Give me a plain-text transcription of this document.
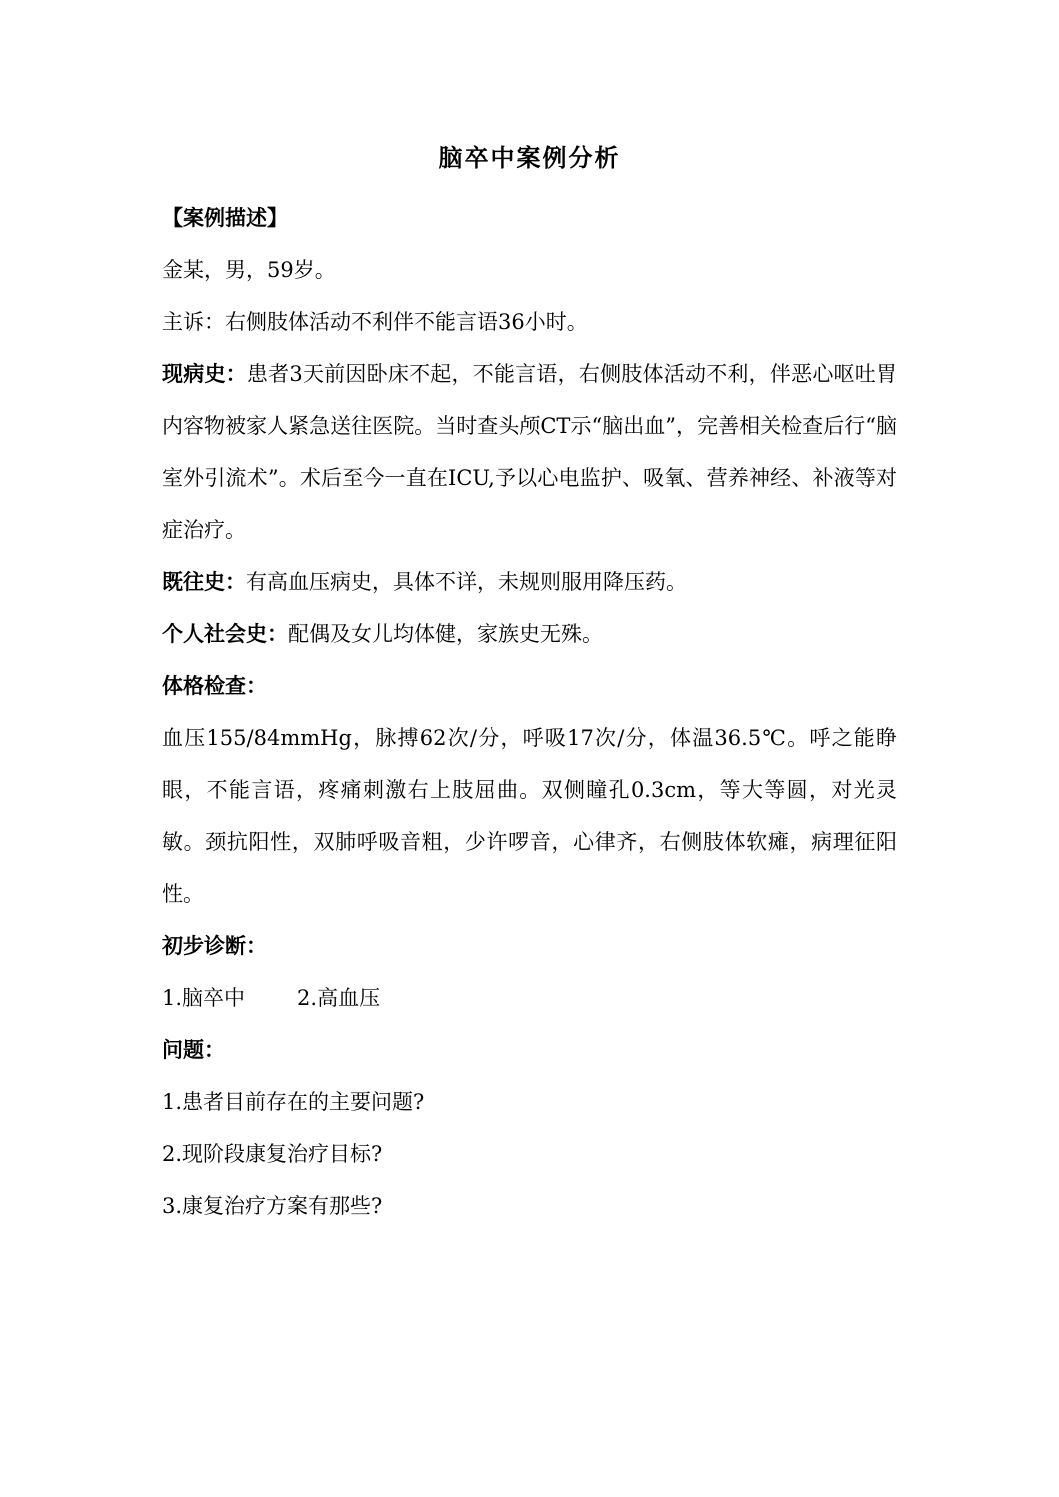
脑卒中案例分析

【案例描述】

金某，男，59岁。

主诉：右侧肢体活动不利伴不能言语36小时。

现病史：患者3天前因卧床不起，不能言语，右侧肢体活动不利，伴恶心呕吐胃内容物被家人紧急送往医院。当时查头颅CT示“脑出血”，完善相关检查后行“脑室外引流术”。术后至今一直在ICU,予以心电监护、吸氧、营养神经、补液等对症治疗。

既往史：有高血压病史，具体不详，未规则服用降压药。

个人社会史：配偶及女儿均体健，家族史无殊。

体格检查：

血压155/84mmHg，脉搏62次/分，呼吸17次/分，体温36.5℃。呼之能睁眼，不能言语，疼痛刺激右上肢屈曲。双侧瞳孔0.3cm，等大等圆，对光灵敏。颈抗阳性，双肺呼吸音粗，少许啰音，心律齐，右侧肢体软瘫，病理征阳性。

初步诊断：

1.脑卒中 2.高血压

问题：

1.患者目前存在的主要问题?

2.现阶段康复治疗目标?

3.康复治疗方案有那些?
